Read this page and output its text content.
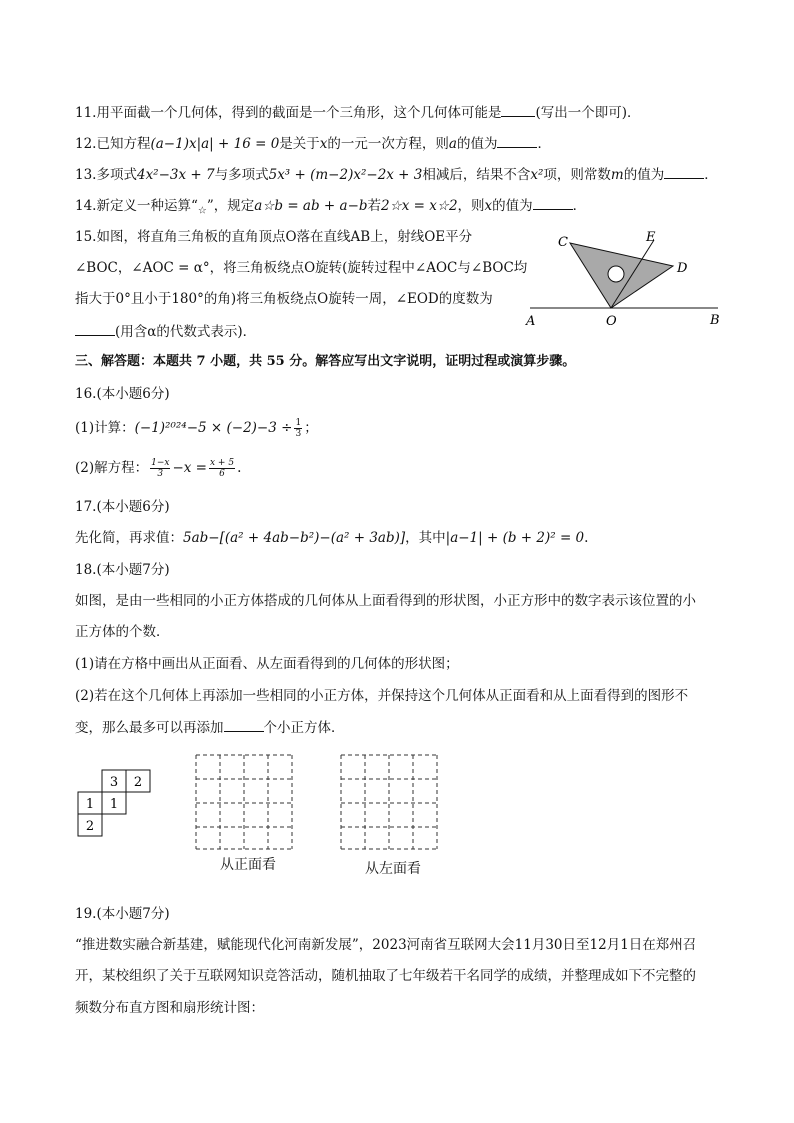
11.用平面截一个几何体，得到的截面是一个三角形，这个几何体可能是	(写出一个即可)．
12.已知方程(a−1)x|a| + 16 = 0是关于x的一元一次方程，则a的值为	．
13.多项式4x²−3x + 7与多项式5x³ + (m−2)x²−2x + 3相减后，结果不含x²项，则常数m的值为	．
14.新定义一种运算“$_☆$”，规定a☆b = ab + a−b若2☆x = x☆2，则x的值为	．
15.如图，将直角三角板的直角顶点O落在直线AB上，射线OE平分
∠BOC，∠AOC = α°，将三角板绕点O旋转(旋转过程中∠AOC与∠BOC均
指大于0°且小于180°的角)将三角板绕点O旋转一周，∠EOD的度数为
(用含α的代数式表示)．
C	E
D
A	O	B
三、解答题：本题共 7 小题，共 55 分。解答应写出文字说明，证明过程或演算步骤。
16.(本小题6分)
(1)计算：$(-1)^{2024}-5 \times (-2)-3 \div \frac{1}{3}$ ；
(2)解方程： $\frac{1-x}{3} -x = \frac{x + 5}{6}$ .
17.(本小题6分)
先化简，再求值：5ab−[(a² + 4ab−b²)−(a² + 3ab)]，其中|a−1| + (b + 2)² = 0.
18.(本小题7分)
如图，是由一些相同的小正方体搭成的几何体从上面看得到的形状图，小正方形中的数字表示该位置的小
正方体的个数．
(1)请在方格中画出从正面看、从左面看得到的几何体的形状图；
(2)若在这个几何体上再添加一些相同的小正方体，并保持这个几何体从正面看和从上面看得到的图形不
变，那么最多可以再添加	个小正方体．
3 2
1 1
2
从正面看	从左面看
19.(本小题7分)
“推进数实融合新基建，赋能现代化河南新发展”，2023河南省互联网大会11月30日至12月1日在郑州召
开，某校组织了关于互联网知识竞答活动，随机抽取了七年级若干名同学的成绩，并整理成如下不完整的
频数分布直方图和扇形统计图：
